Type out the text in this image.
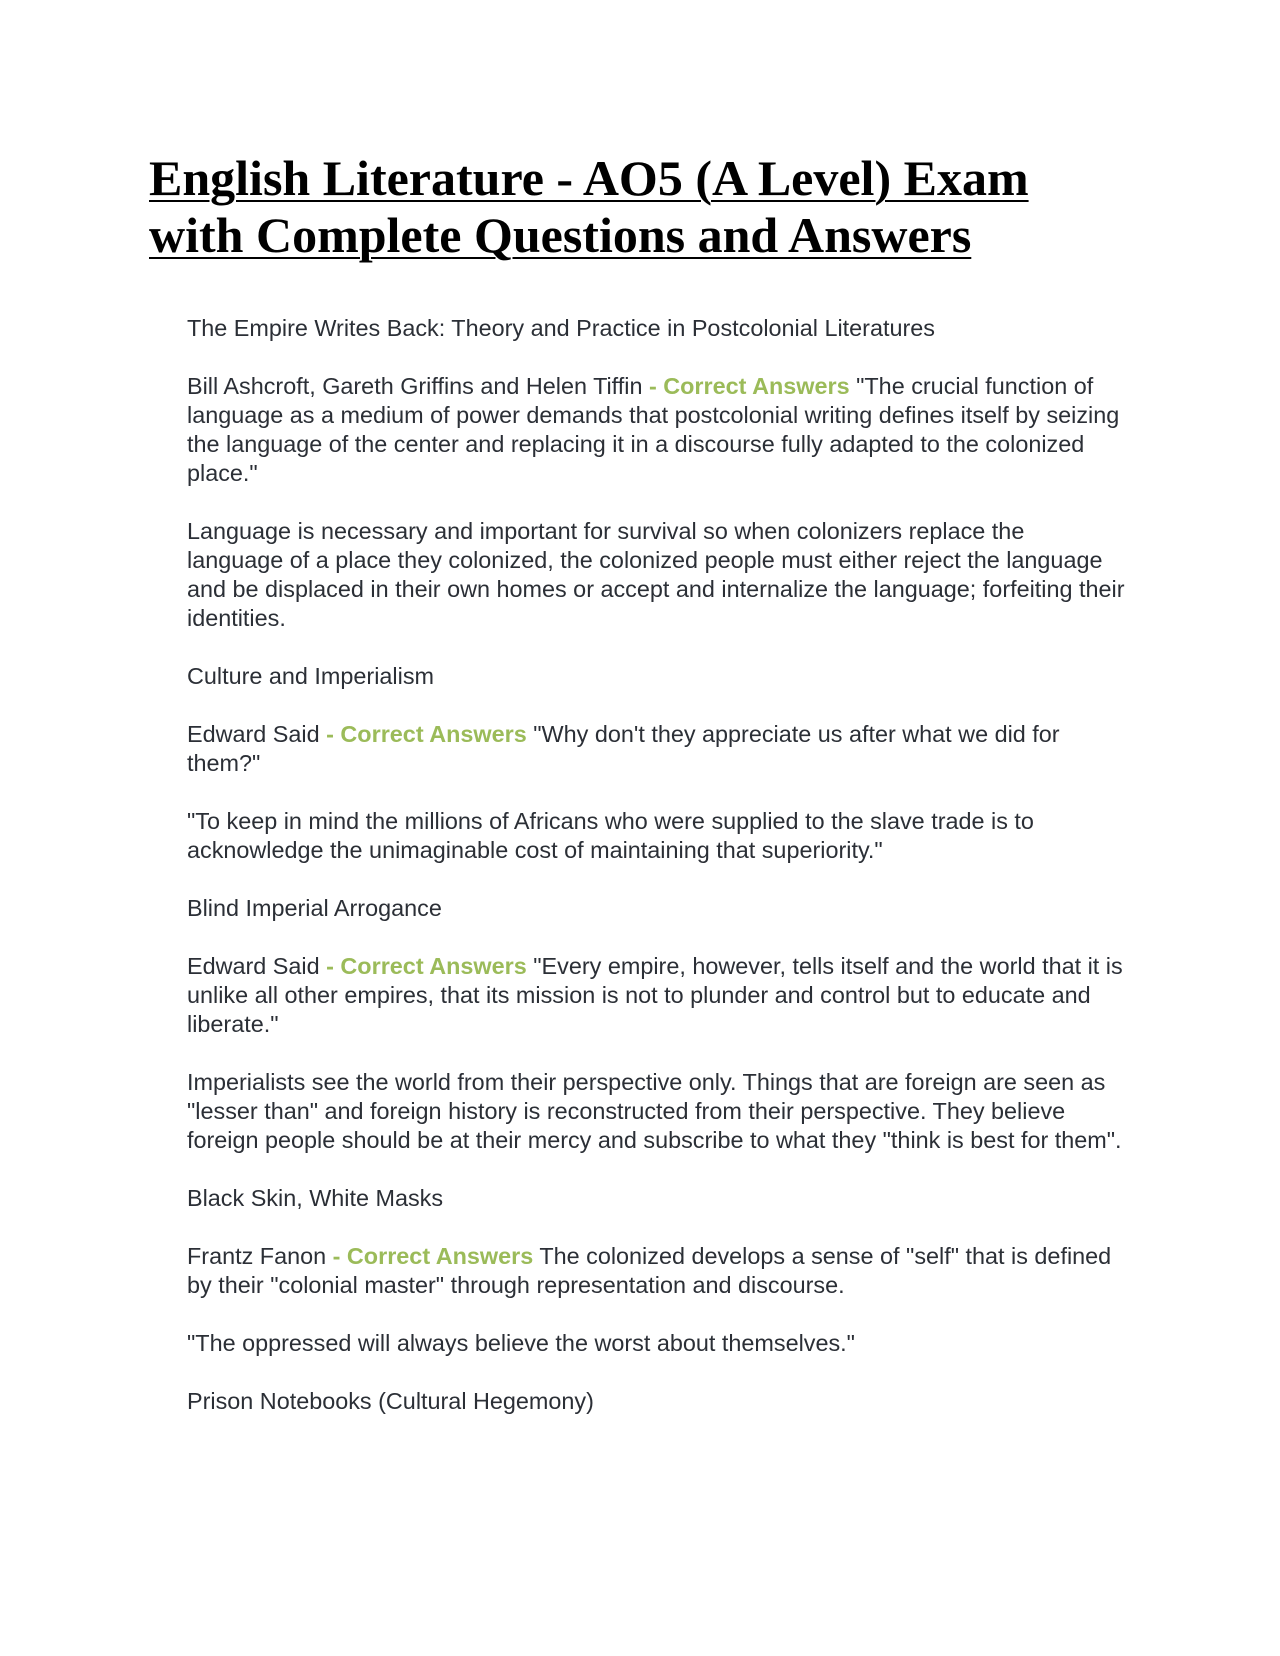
English Literature - AO5 (A Level) Exam
with Complete Questions and Answers

The Empire Writes Back: Theory and Practice in Postcolonial Literatures

Bill Ashcroft, Gareth Griffins and Helen Tiffin - Correct Answers "The crucial function of language as a medium of power demands that postcolonial writing defines itself by seizing the language of the center and replacing it in a discourse fully adapted to the colonized place."

Language is necessary and important for survival so when colonizers replace the language of a place they colonized, the colonized people must either reject the language and be displaced in their own homes or accept and internalize the language; forfeiting their identities.

Culture and Imperialism

Edward Said - Correct Answers "Why don't they appreciate us after what we did for them?"

"To keep in mind the millions of Africans who were supplied to the slave trade is to acknowledge the unimaginable cost of maintaining that superiority."

Blind Imperial Arrogance

Edward Said - Correct Answers "Every empire, however, tells itself and the world that it is unlike all other empires, that its mission is not to plunder and control but to educate and liberate."

Imperialists see the world from their perspective only. Things that are foreign are seen as "lesser than" and foreign history is reconstructed from their perspective. They believe foreign people should be at their mercy and subscribe to what they "think is best for them".

Black Skin, White Masks

Frantz Fanon - Correct Answers The colonized develops a sense of "self" that is defined by their "colonial master" through representation and discourse.

"The oppressed will always believe the worst about themselves."

Prison Notebooks (Cultural Hegemony)
